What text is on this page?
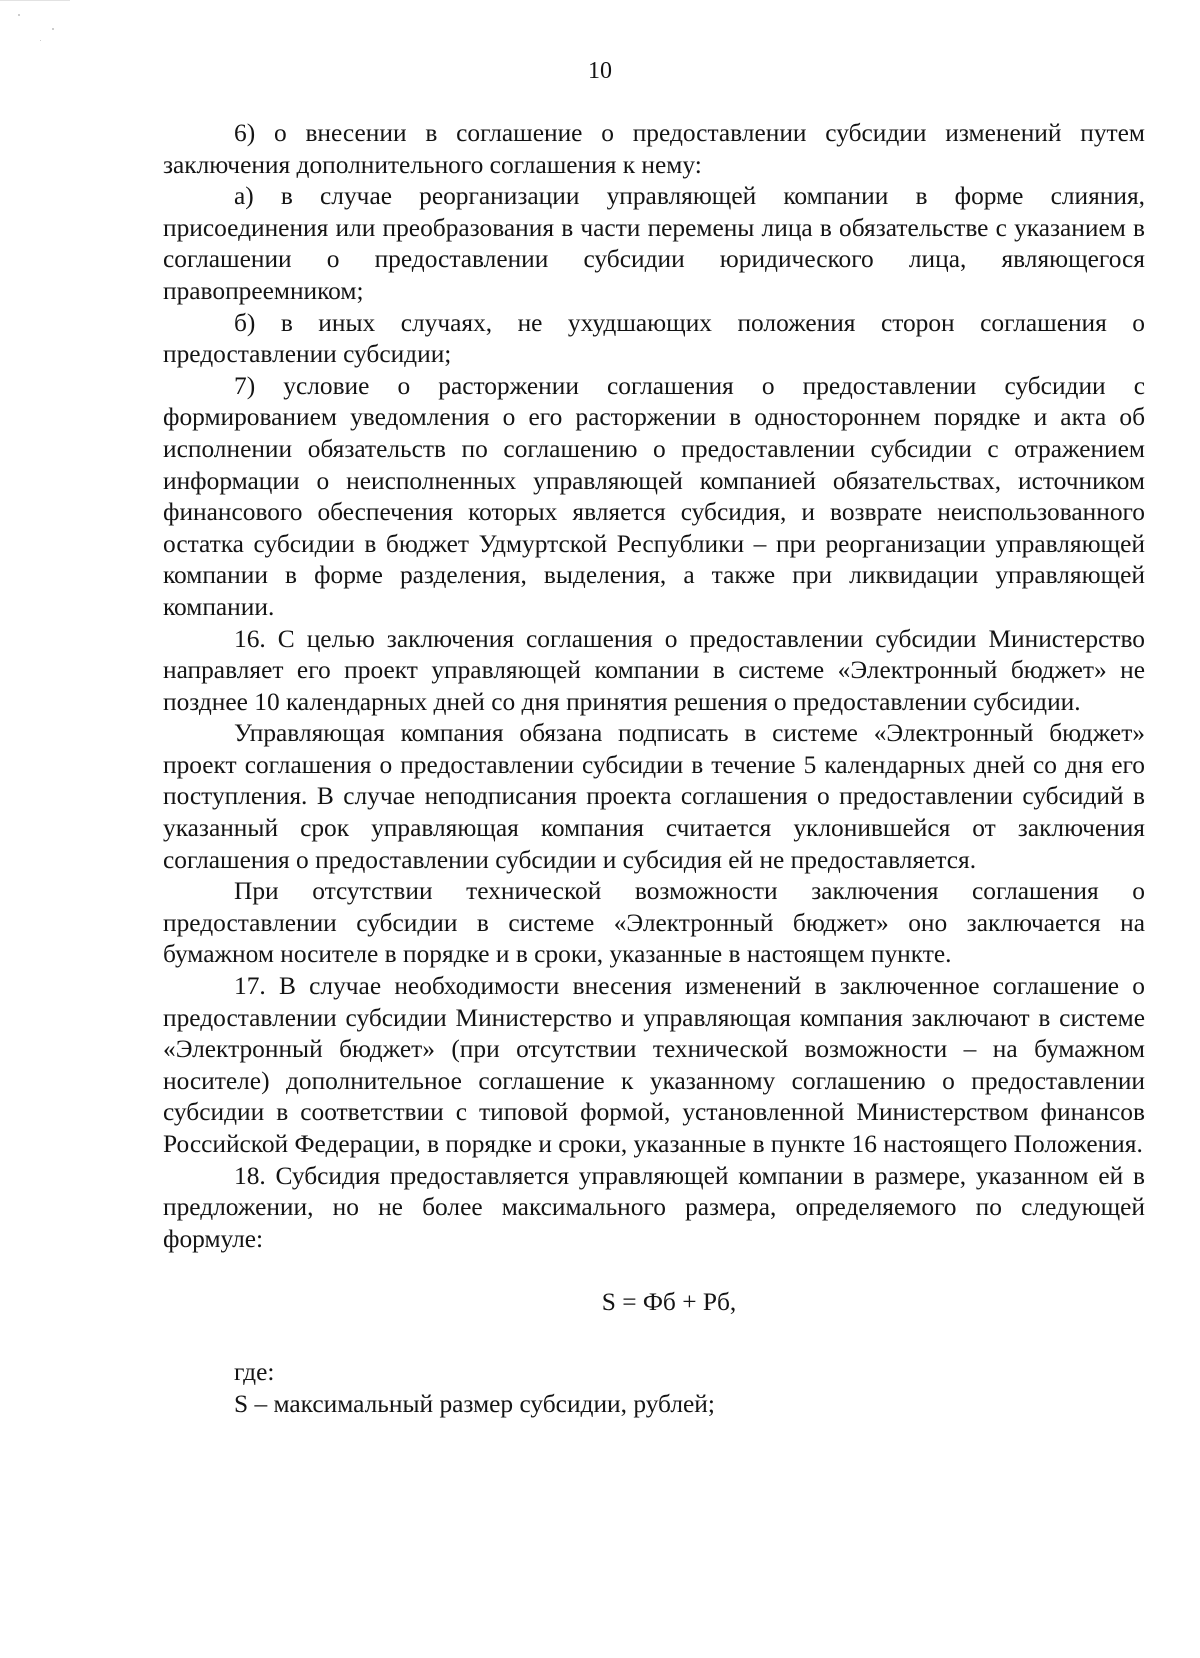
10

6) о внесении в соглашение о предоставлении субсидии изменений путем заключения дополнительного соглашения к нему:

а) в случае реорганизации управляющей компании в форме слияния, присоединения или преобразования в части перемены лица в обязательстве с указанием в соглашении о предоставлении субсидии юридического лица, являющегося правопреемником;

б) в иных случаях, не ухудшающих положения сторон соглашения о предоставлении субсидии;

7) условие о расторжении соглашения о предоставлении субсидии с формированием уведомления о его расторжении в одностороннем порядке и акта об исполнении обязательств по соглашению о предоставлении субсидии с отражением информации о неисполненных управляющей компанией обязательствах, источником финансового обеспечения которых является субсидия, и возврате неиспользованного остатка субсидии в бюджет Удмуртской Республики – при реорганизации управляющей компании в форме разделения, выделения, а также при ликвидации управляющей компании.

16. С целью заключения соглашения о предоставлении субсидии Министерство направляет его проект управляющей компании в системе «Электронный бюджет» не позднее 10 календарных дней со дня принятия решения о предоставлении субсидии.

Управляющая компания обязана подписать в системе «Электронный бюджет» проект соглашения о предоставлении субсидии в течение 5 календарных дней со дня его поступления. В случае неподписания проекта соглашения о предоставлении субсидий в указанный срок управляющая компания считается уклонившейся от заключения соглашения о предоставлении субсидии и субсидия ей не предоставляется.

При отсутствии технической возможности заключения соглашения о предоставлении субсидии в системе «Электронный бюджет» оно заключается на бумажном носителе в порядке и в сроки, указанные в настоящем пункте.

17. В случае необходимости внесения изменений в заключенное соглашение о предоставлении субсидии Министерство и управляющая компания заключают в системе «Электронный бюджет» (при отсутствии технической возможности – на бумажном носителе) дополнительное соглашение к указанному соглашению о предоставлении субсидии в соответствии с типовой формой, установленной Министерством финансов Российской Федерации, в порядке и сроки, указанные в пункте 16 настоящего Положения.

18. Субсидия предоставляется управляющей компании в размере, указанном ей в предложении, но не более максимального размера, определяемого по следующей формуле:

S = Фб + Рб,

где:

S – максимальный размер субсидии, рублей;
